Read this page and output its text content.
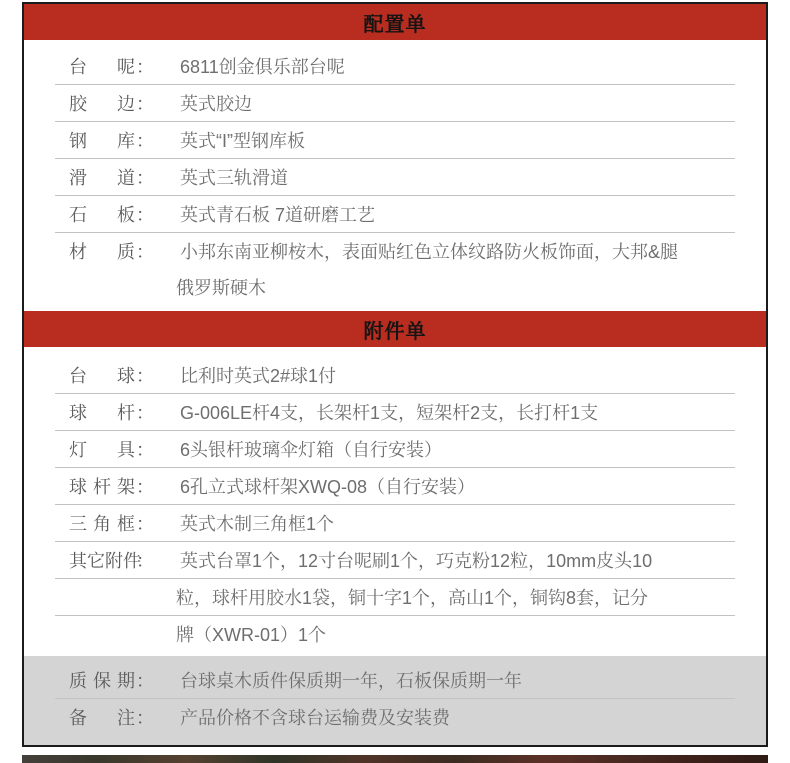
配置单
台呢 ： 6811创金俱乐部台呢
胶边 ： 英式胶边
钢库 ： 英式“I”型钢库板
滑道 ： 英式三轨滑道
石板 ： 英式青石板 7道研磨工艺
材质 ： 小邦东南亚柳桉木，表面贴红色立体纹路防火板饰面，大邦&腿
俄罗斯硬木
附件单
台球 ： 比利时英式2#球1付
球杆 ： G-006LE杆4支，长架杆1支，短架杆2支，长打杆1支
灯具 ： 6头银杆玻璃伞灯箱（自行安装）
球杆架 ： 6孔立式球杆架XWQ-08（自行安装）
三角框 ： 英式木制三角框1个
其它附件
： 英式台罩1个，12寸台呢刷1个，巧克粉12粒，10mm皮头10
粒，球杆用胶水1袋，铜十字1个，高山1个，铜钩8套，记分
牌（XWR-01）1个
质保期 ： 台球桌木质件保质期一年，石板保质期一年
备注 ： 产品价格不含球台运输费及安装费
